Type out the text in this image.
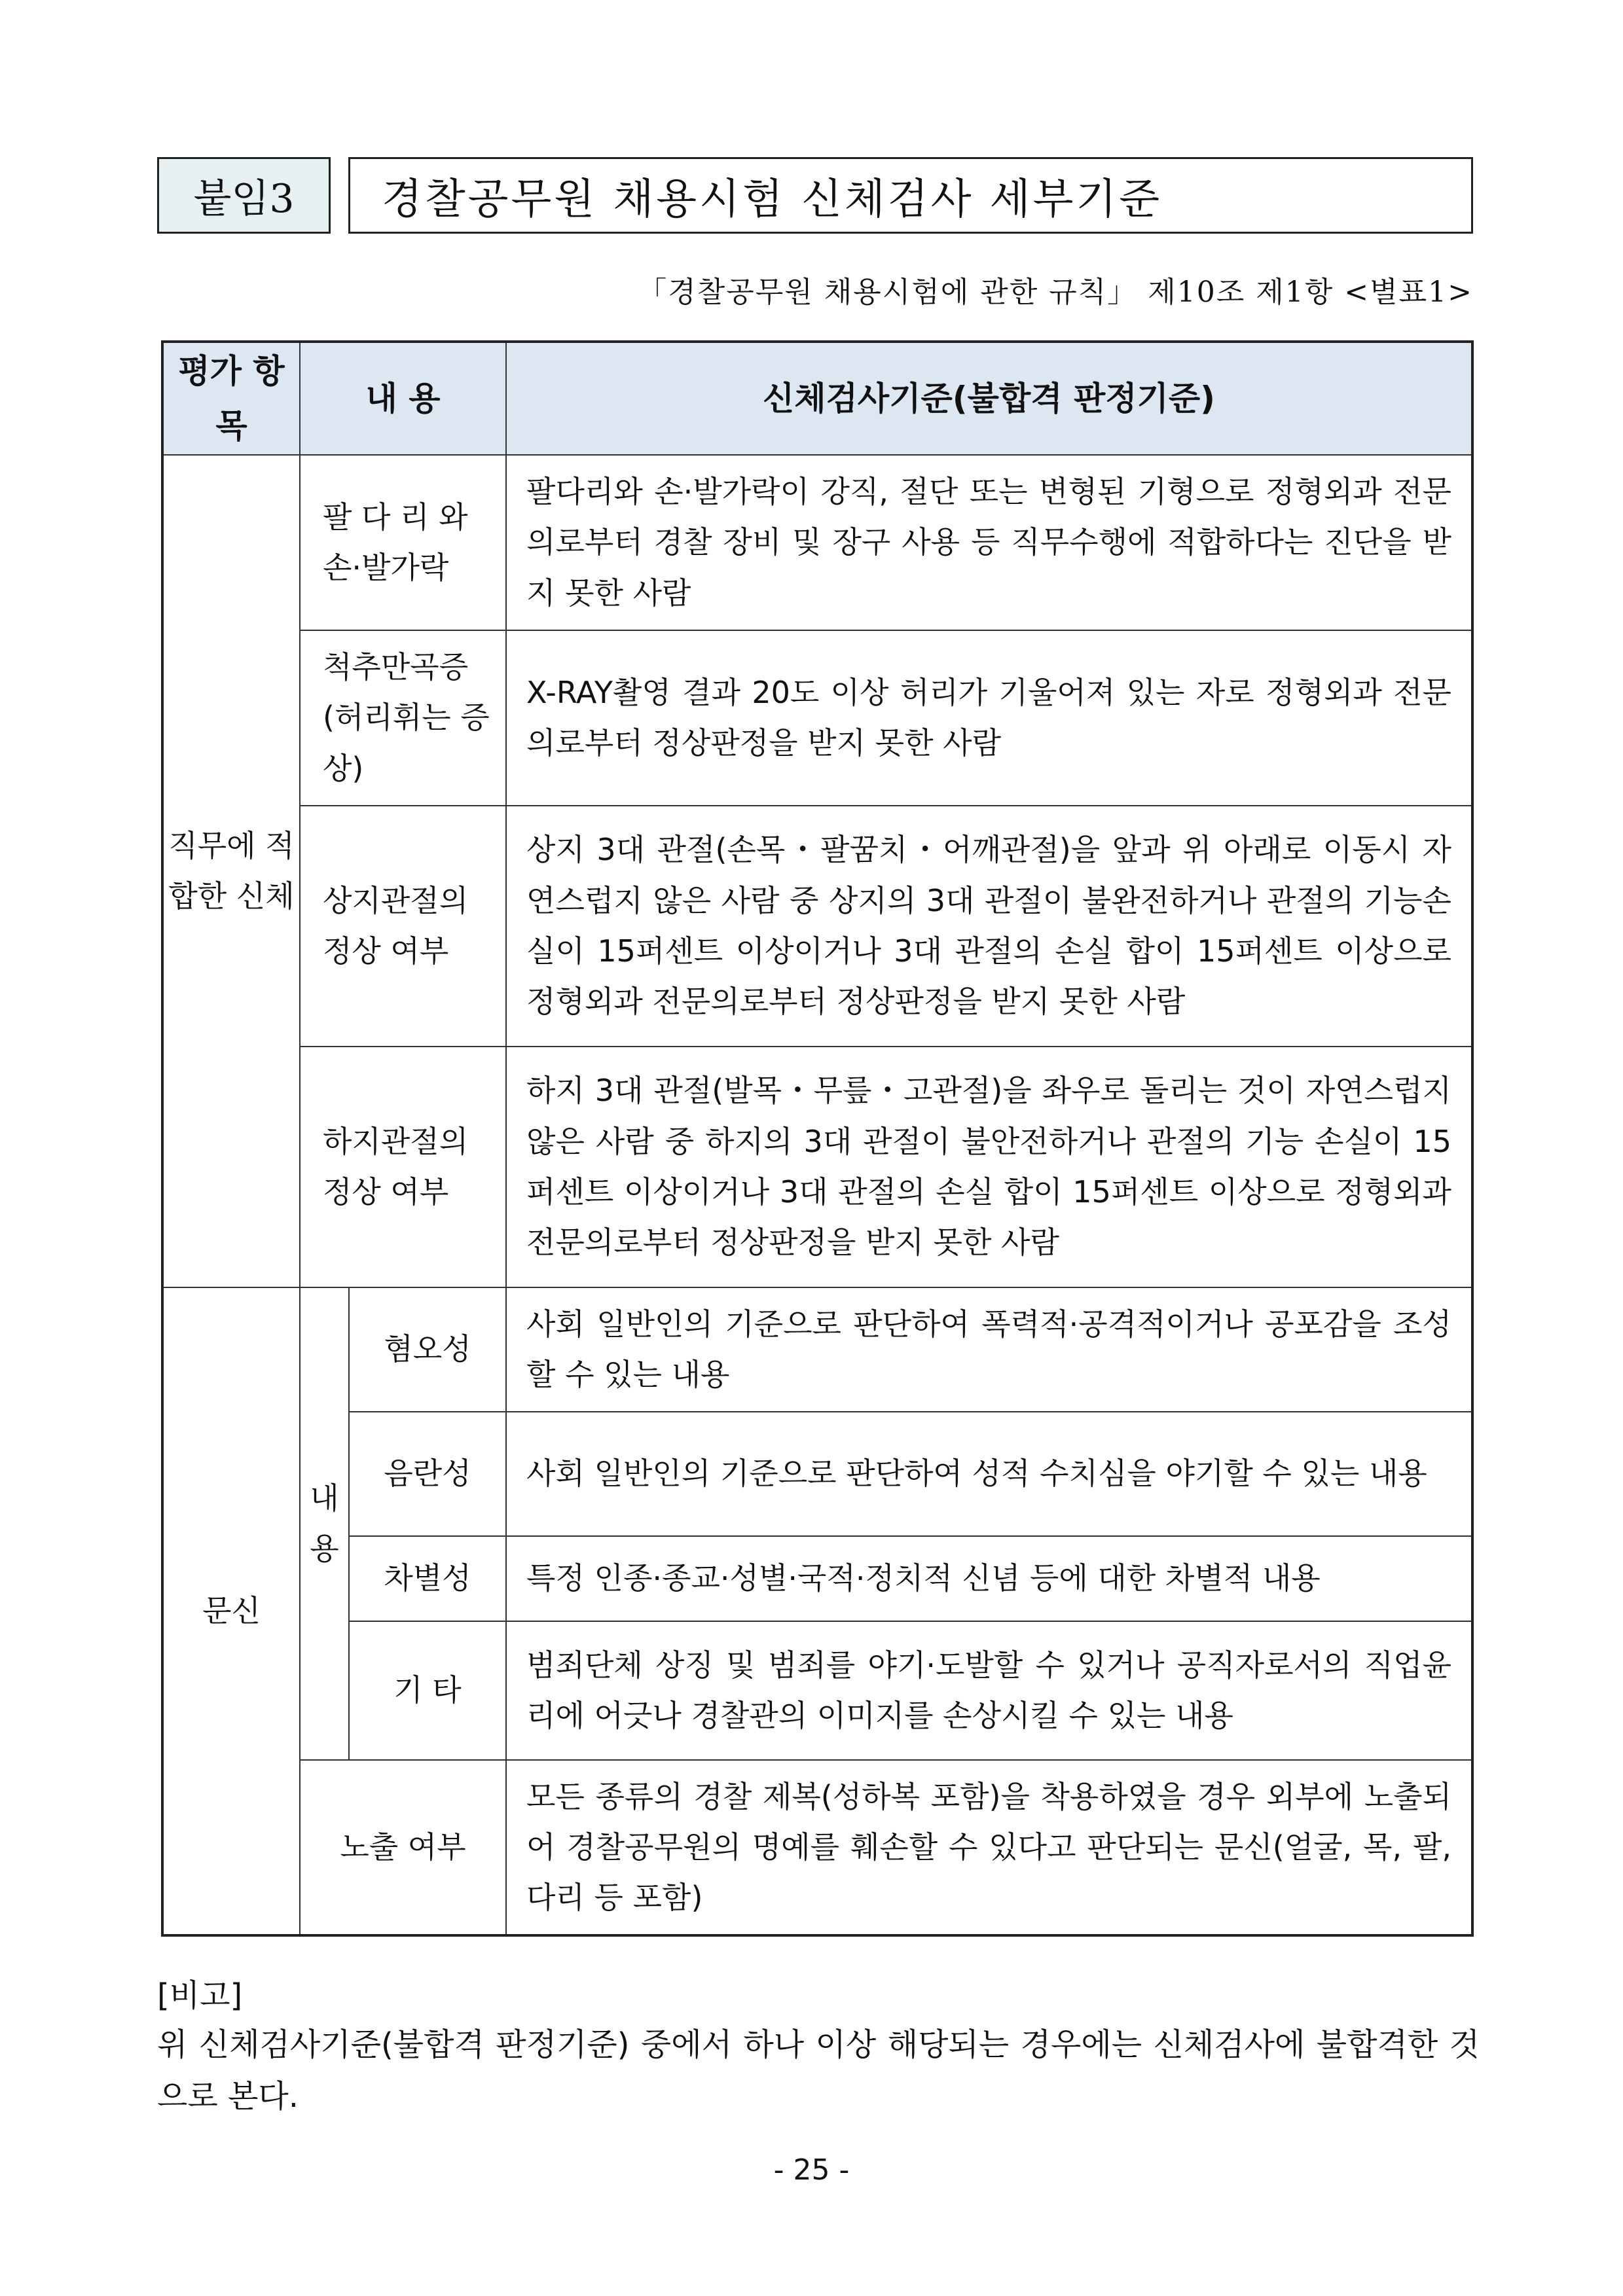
붙임3	경찰공무원 채용시험 신체검사 세부기준
「경찰공무원 채용시험에 관한 규칙」 제10조 제1항 <별표1>
평가 항목	내 용		신체검사기준(불합격 판정기준)
직무에 적합한 신체	팔 다 리 와 손·발가락		팔다리와 손·발가락이 강직, 절단 또는 변형된 기형으로 정형외과 전문의로부터 경찰 장비 및 장구 사용 등 직무수행에 적합하다는 진단을 받지 못한 사람
	척추만곡증 (허리휘는 증상)		X-RAY촬영 결과 20도 이상 허리가 기울어져 있는 자로 정형외과 전문의로부터 정상판정을 받지 못한 사람
	상지관절의 정상 여부		상지 3대 관절(손목・팔꿈치・어깨관절)을 앞과 위 아래로 이동시 자연스럽지 않은 사람 중 상지의 3대 관절이 불완전하거나 관절의 기능손실이 15퍼센트 이상이거나 3대 관절의 손실 합이 15퍼센트 이상으로 정형외과 전문의로부터 정상판정을 받지 못한 사람
	하지관절의 정상 여부		하지 3대 관절(발목・무릎・고관절)을 좌우로 돌리는 것이 자연스럽지 않은 사람 중 하지의 3대 관절이 불안전하거나 관절의 기능 손실이 15퍼센트 이상이거나 3대 관절의 손실 합이 15퍼센트 이상으로 정형외과 전문의로부터 정상판정을 받지 못한 사람
문신	내 용	혐오성	사회 일반인의 기준으로 판단하여 폭력적·공격적이거나 공포감을 조성할 수 있는 내용
		음란성	사회 일반인의 기준으로 판단하여 성적 수치심을 야기할 수 있는 내용
		차별성	특정 인종·종교·성별·국적·정치적 신념 등에 대한 차별적 내용
		기 타	범죄단체 상징 및 범죄를 야기·도발할 수 있거나 공직자로서의 직업윤리에 어긋나 경찰관의 이미지를 손상시킬 수 있는 내용
	노출 여부		모든 종류의 경찰 제복(성하복 포함)을 착용하였을 경우 외부에 노출되어 경찰공무원의 명예를 훼손할 수 있다고 판단되는 문신(얼굴, 목, 팔, 다리 등 포함)
[비고]
위 신체검사기준(불합격 판정기준) 중에서 하나 이상 해당되는 경우에는 신체검사에 불합격한 것으로 본다.
- 25 -
